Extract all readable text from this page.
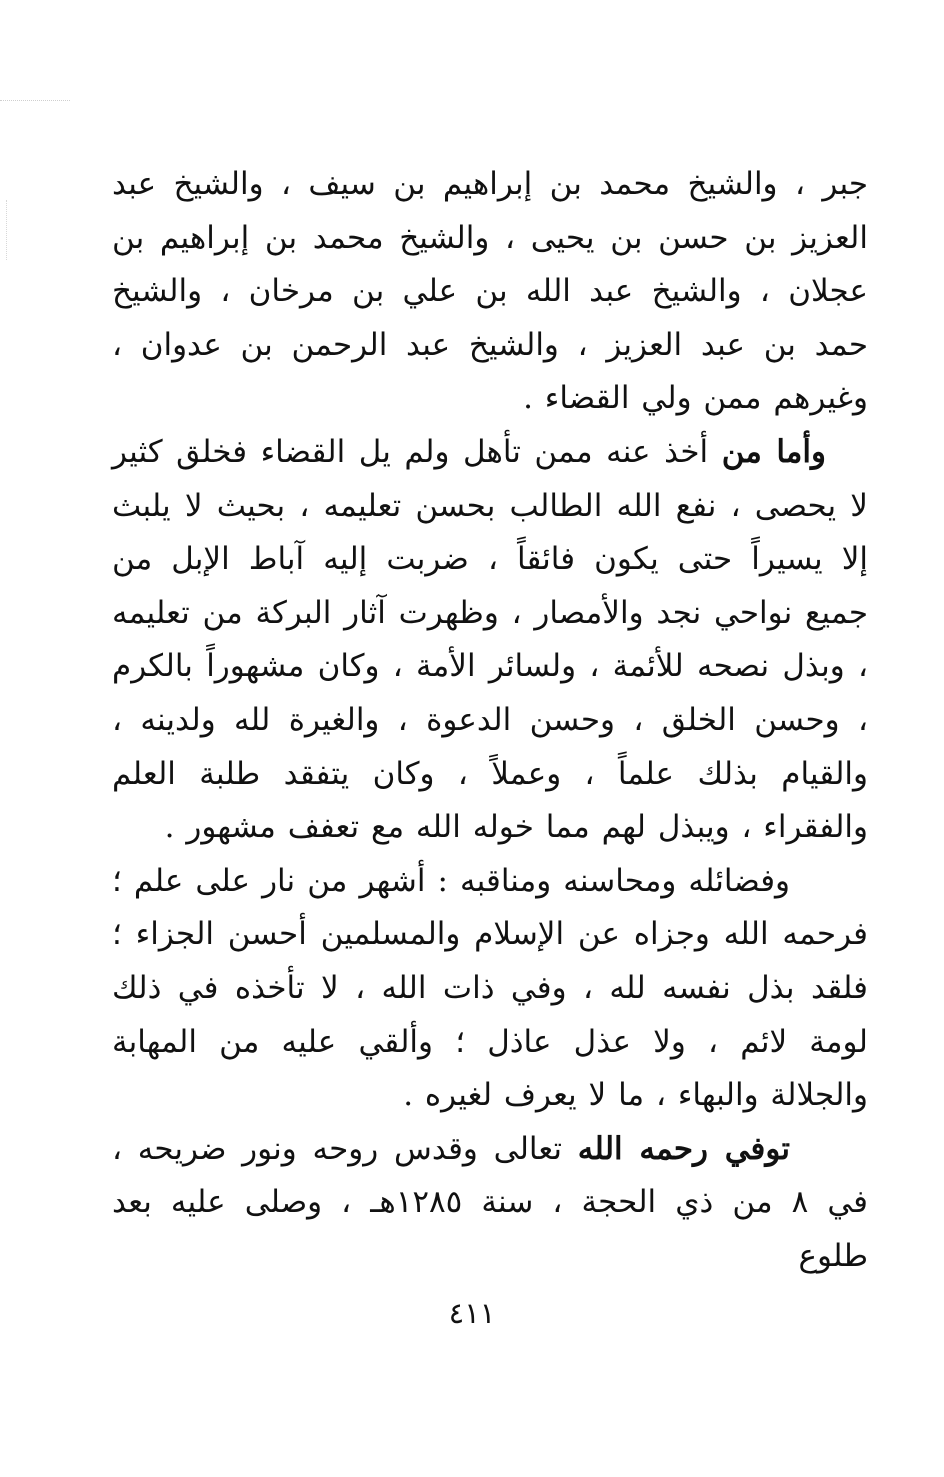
جبر ، والشيخ محمد بن إبراهيم بن سيف ، والشيخ عبد العزيز بن حسن بن يحيى ، والشيخ محمد بن إبراهيم بن عجلان ، والشيخ عبد الله بن علي بن مرخان ، والشيخ حمد بن عبد العزيز ، والشيخ عبد الرحمن بن عدوان ، وغيرهم ممن ولي القضاء .

وأما من أخذ عنه ممن تأهل ولم يل القضاء فخلق كثير لا يحصى ، نفع الله الطالب بحسن تعليمه ، بحيث لا يلبث إلا يسيراً حتى يكون فائقاً ، ضربت إليه آباط الإبل من جميع نواحي نجد والأمصار ، وظهرت آثار البركة من تعليمه ، وبذل نصحه للأئمة ، ولسائر الأمة ، وكان مشهوراً بالكرم ، وحسن الخلق ، وحسن الدعوة ، والغيرة لله ولدينه ، والقيام بذلك علماً ، وعملاً ، وكان يتفقد طلبة العلم والفقراء ، ويبذل لهم مما خوله الله مع تعفف مشهور .

وفضائله ومحاسنه ومناقبه : أشهر من نار على علم ؛ فرحمه الله وجزاه عن الإسلام والمسلمين أحسن الجزاء ؛ فلقد بذل نفسه لله ، وفي ذات الله ، لا تأخذه في ذلك لومة لائم ، ولا عذل عاذل ؛ وألقي عليه من المهابة والجلالة والبهاء ، ما لا يعرف لغيره .

توفي رحمه الله تعالى وقدس روحه ونور ضريحه ، في ٨ من ذي الحجة ، سنة ١٢٨٥هـ ، وصلى عليه بعد طلوع

٤١١
